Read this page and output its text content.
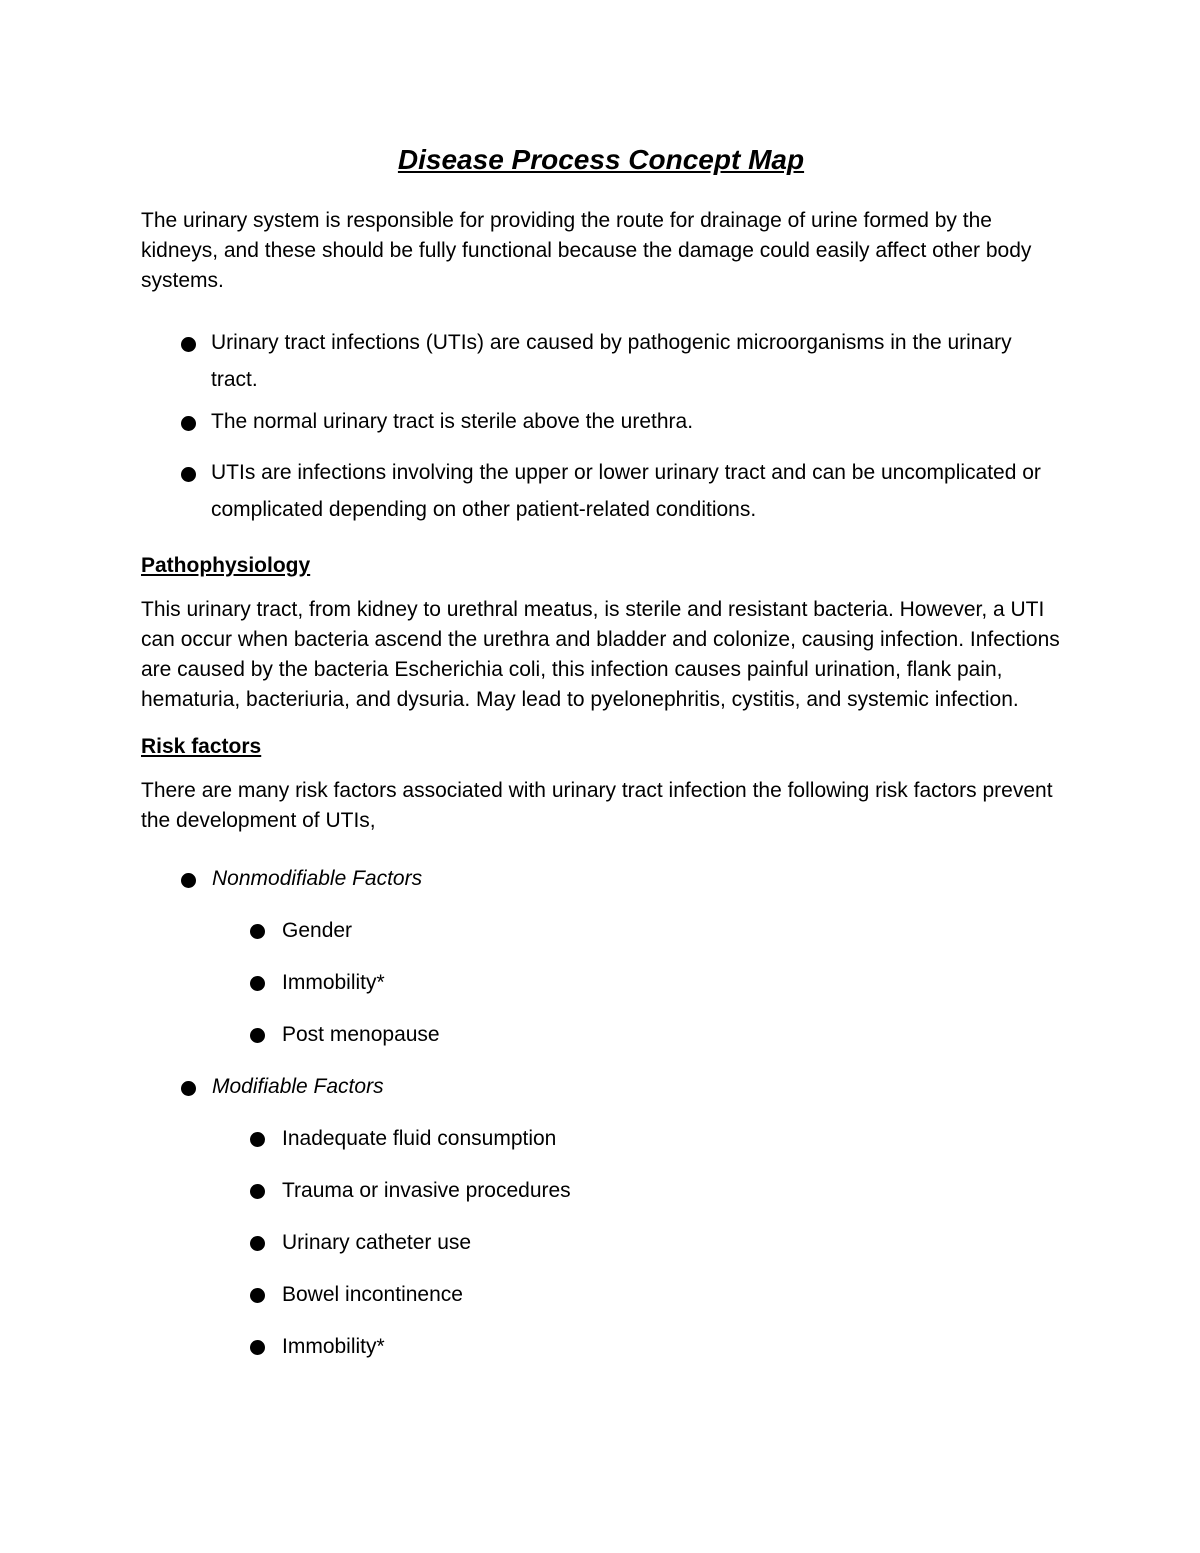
Disease Process Concept Map

The urinary system is responsible for providing the route for drainage of urine formed by the kidneys, and these should be fully functional because the damage could easily affect other body systems.

Urinary tract infections (UTIs) are caused by pathogenic microorganisms in the urinary tract.
The normal urinary tract is sterile above the urethra.
UTIs are infections involving the upper or lower urinary tract and can be uncomplicated or complicated depending on other patient-related conditions.
Pathophysiology

This urinary tract, from kidney to urethral meatus, is sterile and resistant bacteria. However, a UTI can occur when bacteria ascend the urethra and bladder and colonize, causing infection. Infections are caused by the bacteria Escherichia coli, this infection causes painful urination, flank pain, hematuria, bacteriuria, and dysuria. May lead to pyelonephritis, cystitis, and systemic infection.

Risk factors

There are many risk factors associated with urinary tract infection the following risk factors prevent the development of UTIs,

Nonmodifiable Factors
Gender
Immobility*
Post menopause
Modifiable Factors
Inadequate fluid consumption
Trauma or invasive procedures
Urinary catheter use
Bowel incontinence
Immobility*
